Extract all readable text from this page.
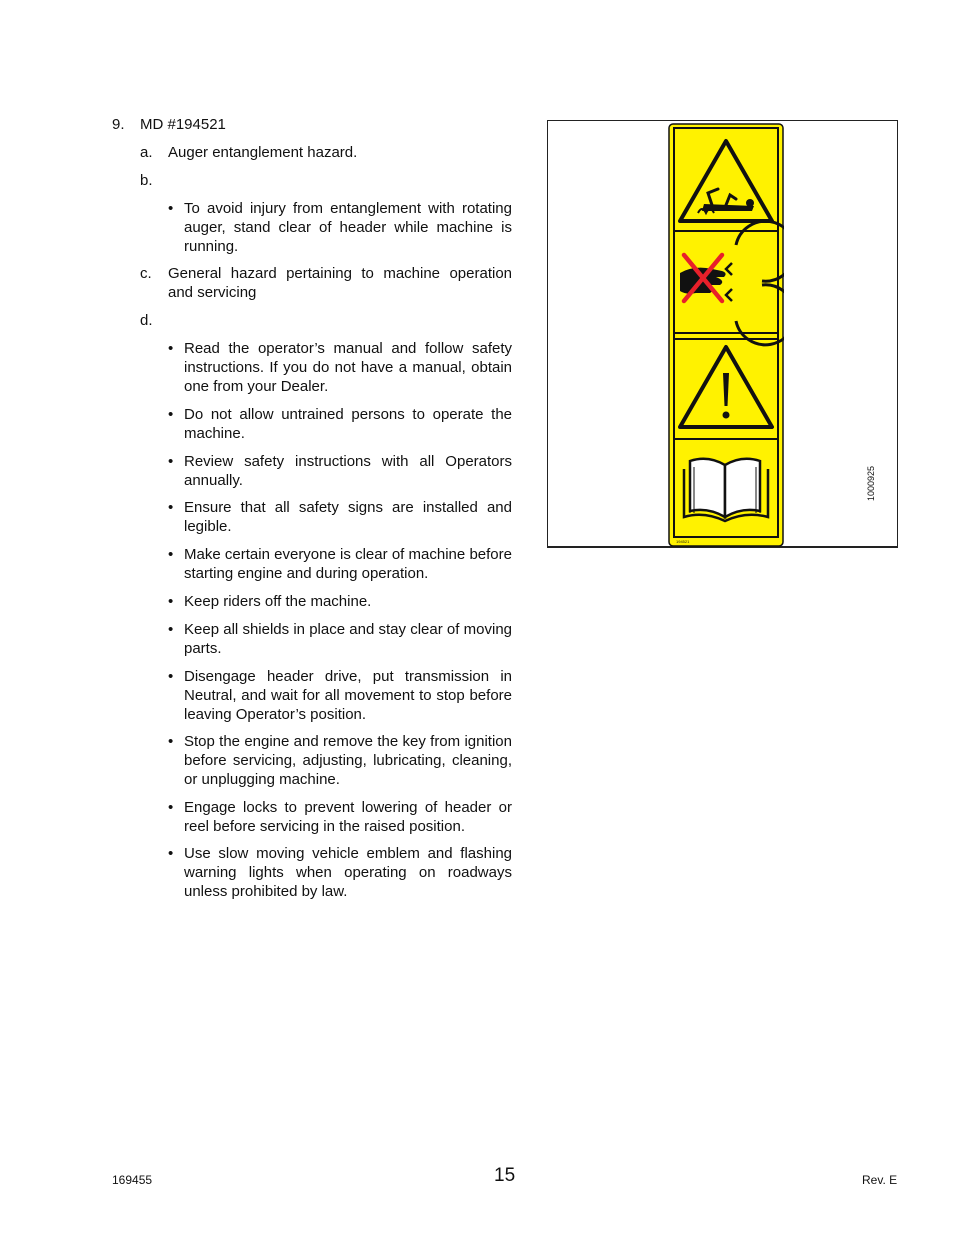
9. MD #194521
a. Auger entanglement hazard.
b.
• To avoid injury from entanglement with rotating auger, stand clear of header while machine is running.
c. General hazard pertaining to machine operation and servicing
d.
• Read the operator’s manual and follow safety instructions. If you do not have a manual, obtain one from your Dealer.
• Do not allow untrained persons to operate the machine.
• Review safety instructions with all Operators annually.
• Ensure that all safety signs are installed and legible.
• Make certain everyone is clear of machine before starting engine and during operation.
• Keep riders off the machine.
• Keep all shields in place and stay clear of moving parts.
• Disengage header drive, put transmission in Neutral, and wait for all movement to stop before leaving Operator’s position.
• Stop the engine and remove the key from ignition before servicing, adjusting, lubricating, cleaning, or unplugging machine.
• Engage locks to prevent lowering of header or reel before servicing in the raised position.
• Use slow moving vehicle emblem and flashing warning lights when operating on roadways unless prohibited by law.
194521
1000925
169455	15	Rev. E
